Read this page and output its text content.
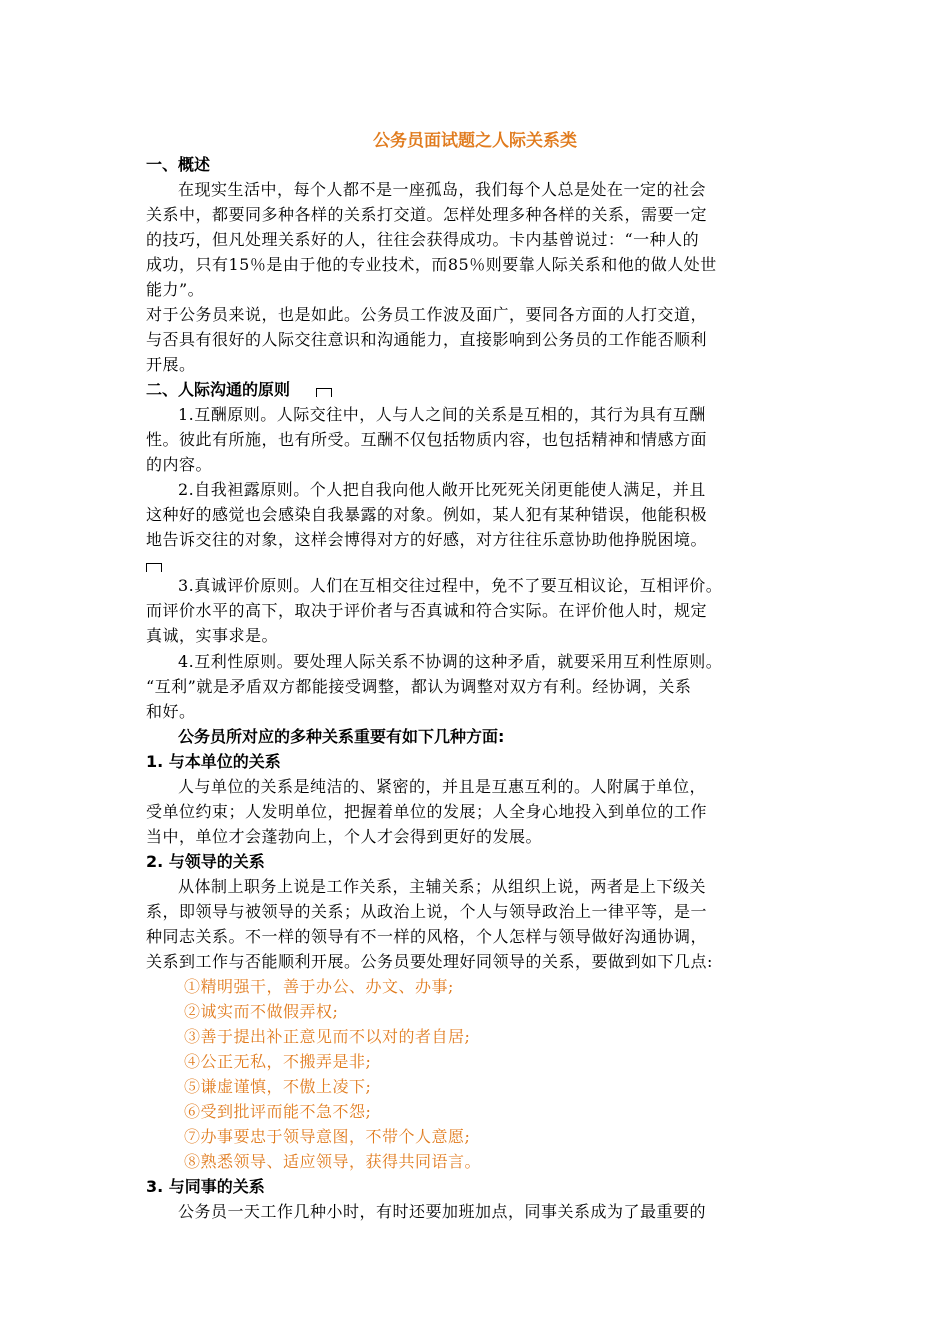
公务员面试题之人际关系类
一、概述
在现实生活中，每个人都不是一座孤岛，我们每个人总是处在一定的社会
关系中，都要同多种各样的关系打交道。怎样处理多种各样的关系，需要一定
的技巧，但凡处理关系好的人，往往会获得成功。卡内基曾说过：“一种人的
成功，只有15％是由于他的专业技术，而85％则要靠人际关系和他的做人处世
能力”。
对于公务员来说，也是如此。公务员工作波及面广，要同各方面的人打交道，
与否具有很好的人际交往意识和沟通能力，直接影响到公务员的工作能否顺利
开展。
二、人际沟通的原则
1.互酬原则。人际交往中，人与人之间的关系是互相的，其行为具有互酬
性。彼此有所施，也有所受。互酬不仅包括物质内容，也包括精神和情感方面
的内容。
2.自我袒露原则。个人把自我向他人敞开比死死关闭更能使人满足，并且
这种好的感觉也会感染自我暴露的对象。例如，某人犯有某种错误，他能积极
地告诉交往的对象，这样会博得对方的好感，对方往往乐意协助他挣脱困境。
3.真诚评价原则。人们在互相交往过程中，免不了要互相议论，互相评价。
而评价水平的高下，取决于评价者与否真诚和符合实际。在评价他人时，规定
真诚，实事求是。
4.互利性原则。要处理人际关系不协调的这种矛盾，就要采用互利性原则。
“互利”就是矛盾双方都能接受调整，都认为调整对双方有利。经协调，关系
和好。
公务员所对应的多种关系重要有如下几种方面:
1. 与本单位的关系
人与单位的关系是纯洁的、紧密的，并且是互惠互利的。人附属于单位，
受单位约束；人发明单位，把握着单位的发展；人全身心地投入到单位的工作
当中，单位才会蓬勃向上，个人才会得到更好的发展。
2. 与领导的关系
从体制上职务上说是工作关系，主辅关系；从组织上说，两者是上下级关
系，即领导与被领导的关系；从政治上说，个人与领导政治上一律平等，是一
种同志关系。不一样的领导有不一样的风格，个人怎样与领导做好沟通协调，
关系到工作与否能顺利开展。公务员要处理好同领导的关系，要做到如下几点:
①精明强干，善于办公、办文、办事;
②诚实而不做假弄权;
③善于提出补正意见而不以对的者自居;
④公正无私，不搬弄是非;
⑤谦虚谨慎，不傲上凌下;
⑥受到批评而能不急不怨;
⑦办事要忠于领导意图，不带个人意愿;
⑧熟悉领导、适应领导，获得共同语言。
3. 与同事的关系
公务员一天工作几种小时，有时还要加班加点，同事关系成为了最重要的
